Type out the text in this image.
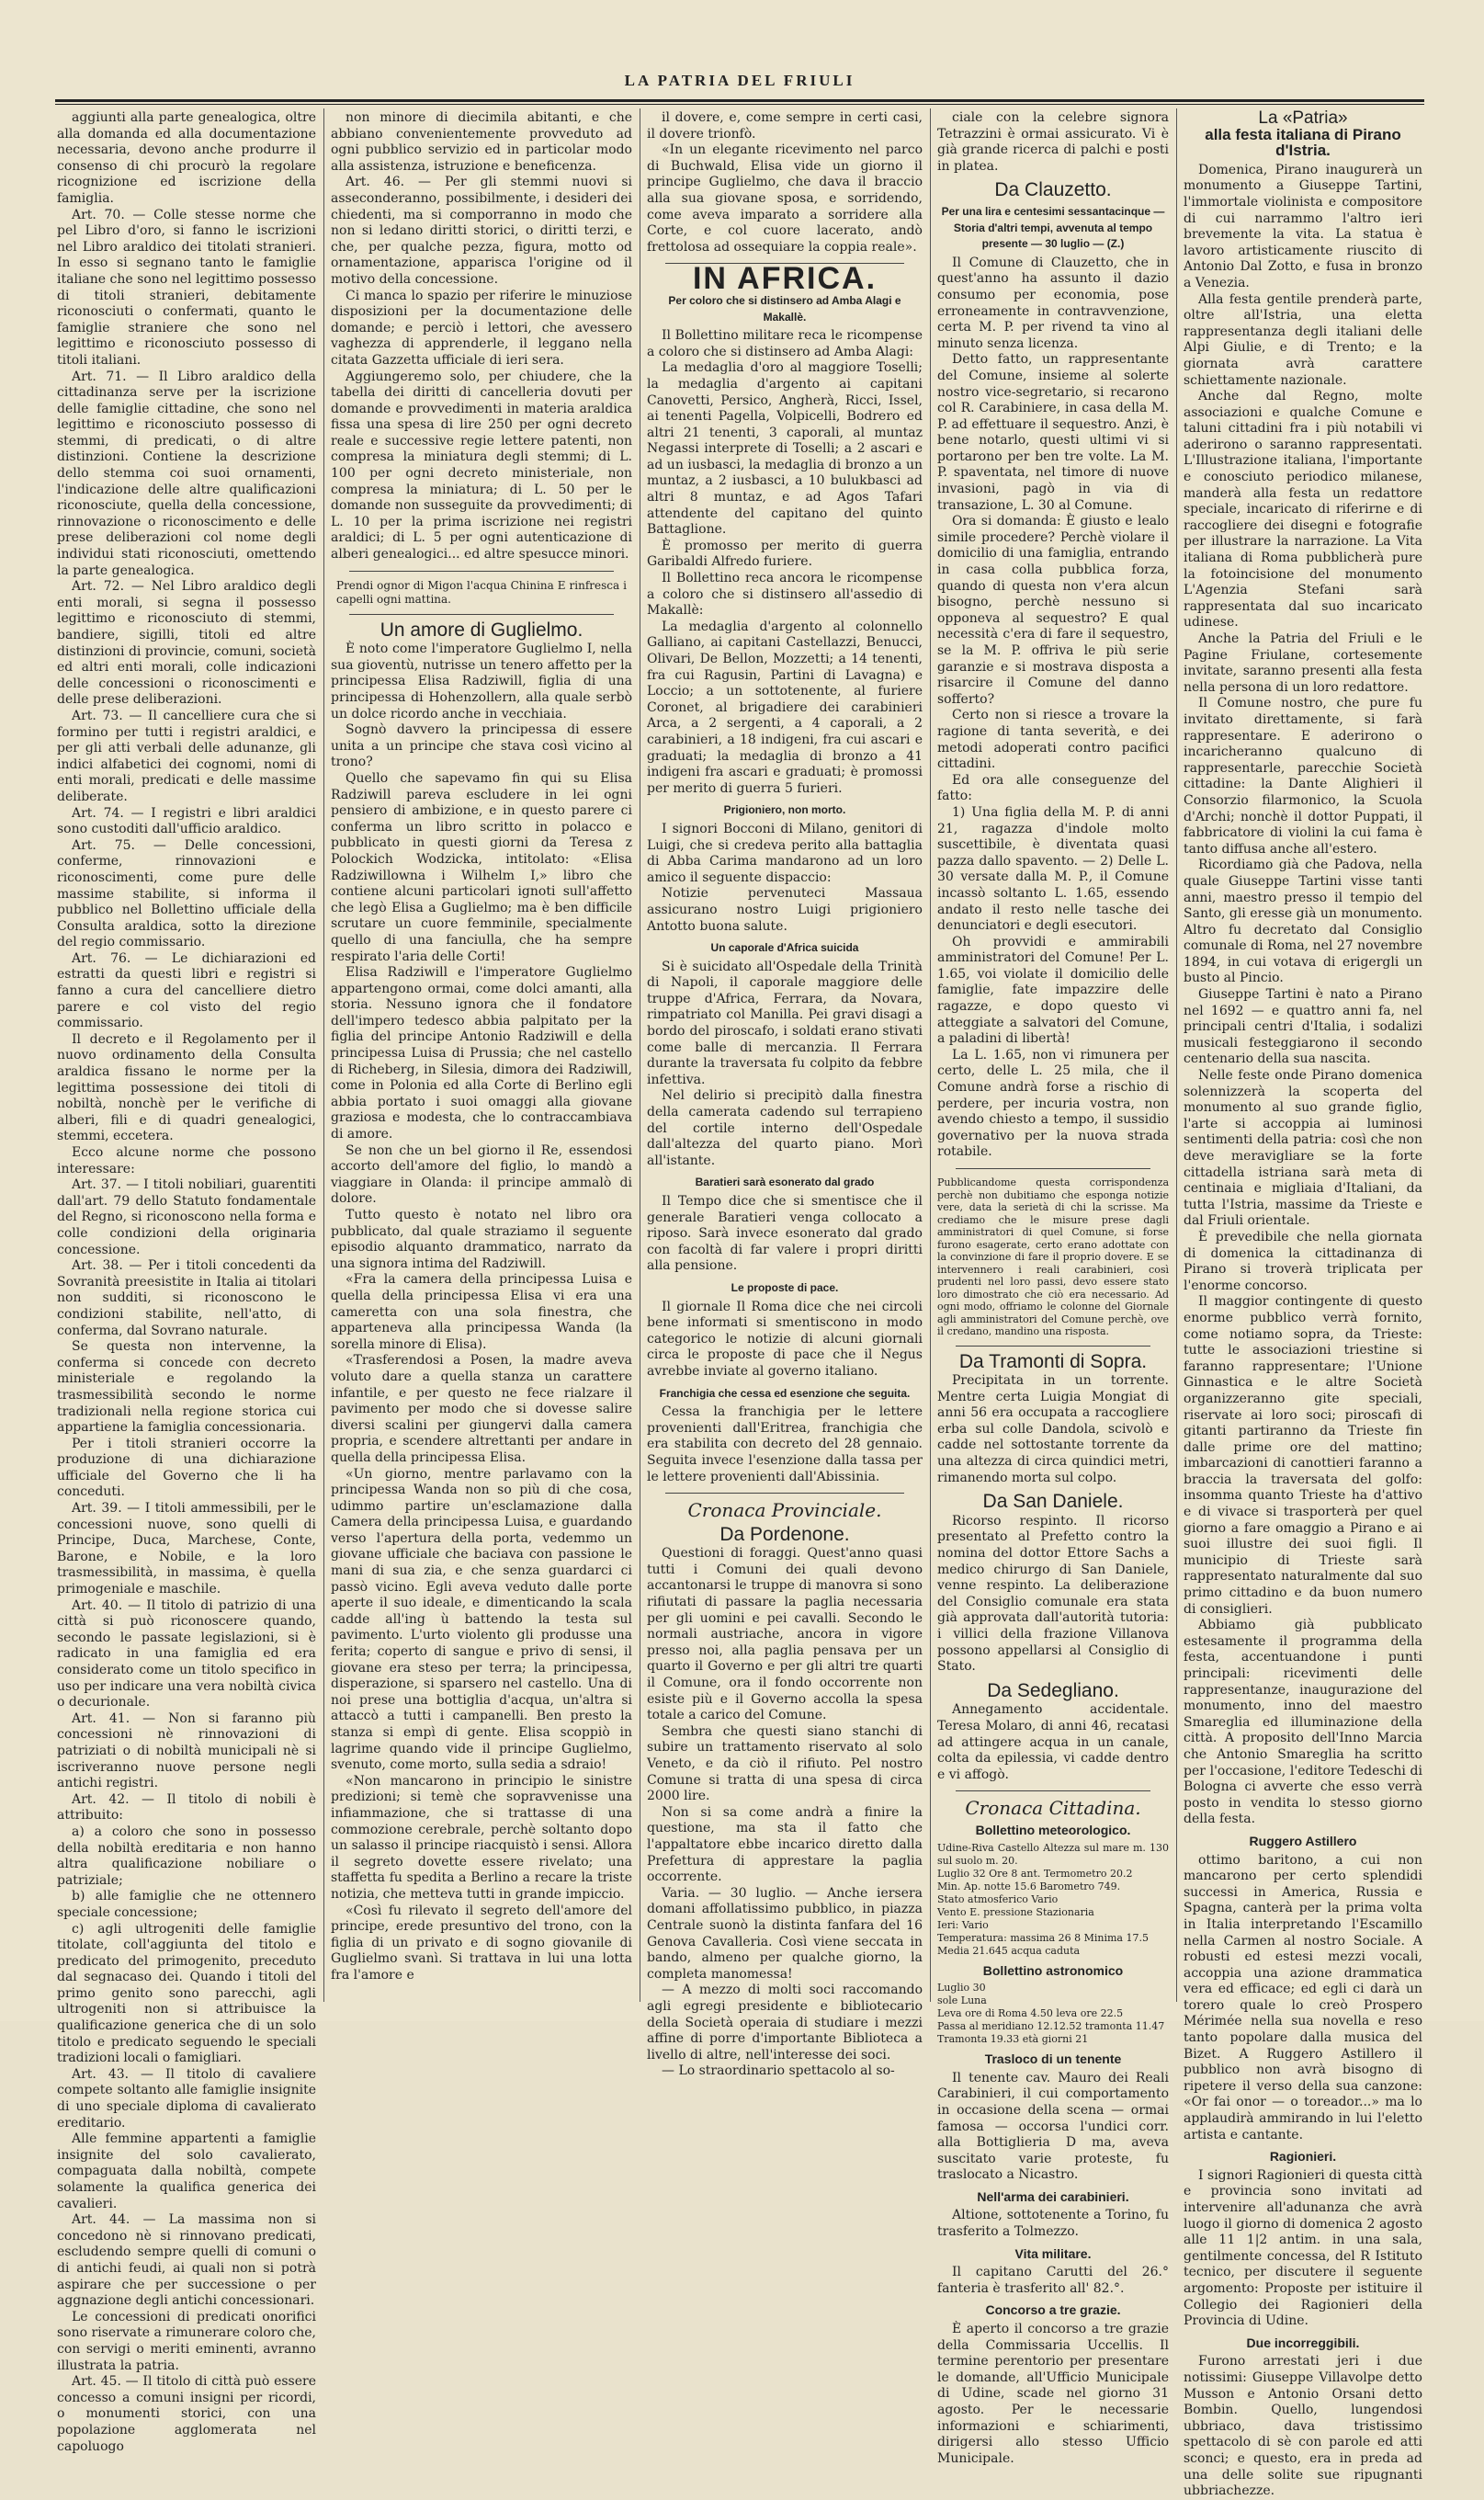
LA PATRIA DEL FRIULI

aggiunti alla parte genealogica, oltre alla domanda ed alla documentazione necessaria, devono anche produrre il consenso di chi procurò la regolare ricognizione ed iscrizione della famiglia.

Art. 70. — Colle stesse norme che pel Libro d'oro, si fanno le iscrizioni nel Libro araldico dei titolati stranieri. In esso si segnano tanto le famiglie italiane che sono nel legittimo possesso di titoli stranieri, debitamente riconosciuti o confermati, quanto le famiglie straniere che sono nel legittimo e riconosciuto possesso di titoli italiani.

Art. 71. — Il Libro araldico della cittadinanza serve per la iscrizione delle famiglie cittadine, che sono nel legittimo e riconosciuto possesso di stemmi, di predicati, o di altre distinzioni. Contiene la descrizione dello stemma coi suoi ornamenti, l'indicazione delle altre qualificazioni riconosciute, quella della concessione, rinnovazione o riconoscimento e delle prese deliberazioni col nome degli individui stati riconosciuti, omettendo la parte genealogica.

Art. 72. — Nel Libro araldico degli enti morali, si segna il possesso legittimo e riconosciuto di stemmi, bandiere, sigilli, titoli ed altre distinzioni di provincie, comuni, società ed altri enti morali, colle indicazioni delle concessioni o riconoscimenti e delle prese deliberazioni.

Art. 73. — Il cancelliere cura che si formino per tutti i registri araldici, e per gli atti verbali delle adunanze, gli indici alfabetici dei cognomi, nomi di enti morali, predicati e delle massime deliberate.

Art. 74. — I registri e libri araldici sono custoditi dall'ufficio araldico.

Art. 75. — Delle concessioni, conferme, rinnovazioni e riconoscimenti, come pure delle massime stabilite, si informa il pubblico nel Bollettino ufficiale della Consulta araldica, sotto la direzione del regio commissario.

Art. 76. — Le dichiarazioni ed estratti da questi libri e registri si fanno a cura del cancelliere dietro parere e col visto del regio commissario.

Il decreto e il Regolamento per il nuovo ordinamento della Consulta araldica fissano le norme per la legittima possessione dei titoli di nobiltà, nonchè per le verifiche di alberi, fili e di quadri genealogici, stemmi, eccetera.

Ecco alcune norme che possono interessare:

Art. 37. — I titoli nobiliari, guarentiti dall'art. 79 dello Statuto fondamentale del Regno, si riconoscono nella forma e colle condizioni della originaria concessione.

Art. 38. — Per i titoli concedenti da Sovranità preesistite in Italia ai titolari non sudditi, si riconoscono le condizioni stabilite, nell'atto, di conferma, dal Sovrano naturale.

Se questa non intervenne, la conferma si concede con decreto ministeriale e regolando la trasmessibilità secondo le norme tradizionali nella regione storica cui appartiene la famiglia concessionaria.

Per i titoli stranieri occorre la produzione di una dichiarazione ufficiale del Governo che li ha conceduti.

Art. 39. — I titoli ammessibili, per le concessioni nuove, sono quelli di Principe, Duca, Marchese, Conte, Barone, e Nobile, e la loro trasmessibilità, in massima, è quella primogeniale e maschile.

Art. 40. — Il titolo di patrizio di una città si può riconoscere quando, secondo le passate legislazioni, si è radicato in una famiglia ed era considerato come un titolo specifico in uso per indicare una vera nobiltà civica o decurionale.

Art. 41. — Non si faranno più concessioni nè rinnovazioni di patriziati o di nobiltà municipali nè si iscriveranno nuove persone negli antichi registri.

Art. 42. — Il titolo di nobili è attribuito:

a) a coloro che sono in possesso della nobiltà ereditaria e non hanno altra qualificazione nobiliare o patriziale;

b) alle famiglie che ne ottennero speciale concessione;

c) agli ultrogeniti delle famiglie titolate, coll'aggiunta del titolo e predicato del primogenito, preceduto dal segnacaso dei. Quando i titoli del primo genito sono parecchi, agli ultrogeniti non si attribuisce la qualificazione generica che di un solo titolo e predicato seguendo le speciali tradizioni locali o famigliari.

Art. 43. — Il titolo di cavaliere compete soltanto alle famiglie insignite di uno speciale diploma di cavalierato ereditario.

Alle femmine appartenti a famiglie insignite del solo cavalierato, compaguata dalla nobiltà, compete solamente la qualifica generica dei cavalieri.

Art. 44. — La massima non si concedono nè si rinnovano predicati, escludendo sempre quelli di comuni o di antichi feudi, ai quali non si potrà aspirare che per successione o per aggnazione degli antichi concessionari.

Le concessioni di predicati onorifici sono riservate a rimunerare coloro che, con servigi o meriti eminenti, avranno illustrata la patria.

Art. 45. — Il titolo di città può essere concesso a comuni insigni per ricordi, o monumenti storici, con una popolazione agglomerata nel capoluogo

non minore di diecimila abitanti, e che abbiano convenientemente provveduto ad ogni pubblico servizio ed in particolar modo alla assistenza, istruzione e beneficenza.

Art. 46. — Per gli stemmi nuovi si asseconderanno, possibilmente, i desideri dei chiedenti, ma si comporranno in modo che non si ledano diritti storici, o diritti terzi, e che, per qualche pezza, figura, motto od ornamentazione, apparisca l'origine od il motivo della concessione.

Ci manca lo spazio per riferire le minuziose disposizioni per la documentazione delle domande; e perciò i lettori, che avessero vaghezza di apprenderle, il leggano nella citata Gazzetta ufficiale di ieri sera.

Aggiungeremo solo, per chiudere, che la tabella dei diritti di cancelleria dovuti per domande e provvedimenti in materia araldica fissa una spesa di lire 250 per ogni decreto reale e successive regie lettere patenti, non compresa la miniatura degli stemmi; di L. 100 per ogni decreto ministeriale, non compresa la miniatura; di L. 50 per le domande non susseguite da provvedimenti; di L. 10 per la prima iscrizione nei registri araldici; di L. 5 per ogni autenticazione di alberi genealogici... ed altre spesucce minori.

Prendi ognor di Migon l'acqua Chinina E rinfresca i capelli ogni mattina.
Un amore di Guglielmo.

È noto come l'imperatore Guglielmo I, nella sua gioventù, nutrisse un tenero affetto per la principessa Elisa Radziwill, figlia di una principessa di Hohenzollern, alla quale serbò un dolce ricordo anche in vecchiaia.

Sognò davvero la principessa di essere unita a un principe che stava così vicino al trono?

Quello che sapevamo fin qui su Elisa Radziwill pareva escludere in lei ogni pensiero di ambizione, e in questo parere ci conferma un libro scritto in polacco e pubblicato in questi giorni da Teresa z Polockich Wodzicka, intitolato: «Elisa Radziwillowna i Wilhelm I,» libro che contiene alcuni particolari ignoti sull'affetto che legò Elisa a Guglielmo; ma è ben difficile scrutare un cuore femminile, specialmente quello di una fanciulla, che ha sempre respirato l'aria delle Corti!

Elisa Radziwill e l'imperatore Guglielmo appartengono ormai, come dolci amanti, alla storia. Nessuno ignora che il fondatore dell'impero tedesco abbia palpitato per la figlia del principe Antonio Radziwill e della principessa Luisa di Prussia; che nel castello di Richeberg, in Silesia, dimora dei Radziwill, come in Polonia ed alla Corte di Berlino egli abbia portato i suoi omaggi alla giovane graziosa e modesta, che lo contraccambiava di amore.

Se non che un bel giorno il Re, essendosi accorto dell'amore del figlio, lo mandò a viaggiare in Olanda: il principe ammalò di dolore.

Tutto questo è notato nel libro ora pubblicato, dal quale straziamo il seguente episodio alquanto drammatico, narrato da una signora intima del Radziwill.

«Fra la camera della principessa Luisa e quella della principessa Elisa vi era una cameretta con una sola finestra, che apparteneva alla principessa Wanda (la sorella minore di Elisa).

«Trasferendosi a Posen, la madre aveva voluto dare a quella stanza un carattere infantile, e per questo ne fece rialzare il pavimento per modo che si dovesse salire diversi scalini per giungervi dalla camera propria, e scendere altrettanti per andare in quella della principessa Elisa.

«Un giorno, mentre parlavamo con la principessa Wanda non so più di che cosa, udimmo partire un'esclamazione dalla Camera della principessa Luisa, e guardando verso l'apertura della porta, vedemmo un giovane ufficiale che baciava con passione le mani di sua zia, e che senza guardarci ci passò vicino. Egli aveva veduto dalle porte aperte il suo ideale, e dimenticando la scala cadde all'ing ù battendo la testa sul pavimento. L'urto violento gli produsse una ferita; coperto di sangue e privo di sensi, il giovane era steso per terra; la principessa, disperazione, si sparsero nel castello. Una di noi prese una bottiglia d'acqua, un'altra si attaccò a tutti i campanelli. Ben presto la stanza si empì di gente. Elisa scoppiò in lagrime quando vide il principe Guglielmo, svenuto, come morto, sulla sedia a sdraio!

«Non mancarono in principio le sinistre predizioni; si temè che sopravvenisse una infiammazione, che si trattasse di una commozione cerebrale, perchè soltanto dopo un salasso il principe riacquistò i sensi. Allora il segreto dovette essere rivelato; una staffetta fu spedita a Berlino a recare la triste notizia, che metteva tutti in grande impiccio.

«Così fu rilevato il segreto dell'amore del principe, erede presuntivo del trono, con la figlia di un privato e di sogno giovanile di Guglielmo svanì. Si trattava in lui una lotta fra l'amore e

il dovere, e, come sempre in certi casi, il dovere trionfò.

«In un elegante ricevimento nel parco di Buchwald, Elisa vide un giorno il principe Guglielmo, che dava il braccio alla sua giovane sposa, e sorridendo, come aveva imparato a sorridere alla Corte, e col cuore lacerato, andò frettolosa ad ossequiare la coppia reale».

IN AFRICA.
Per coloro che si distinsero ad Amba Alagi e Makallè.

Il Bollettino militare reca le ricompense a coloro che si distinsero ad Amba Alagi:

La medaglia d'oro al maggiore Toselli; la medaglia d'argento ai capitani Canovetti, Persico, Angherà, Ricci, Issel, ai tenenti Pagella, Volpicelli, Bodrero ed altri 21 tenenti, 3 caporali, al muntaz Negassi interprete di Toselli; a 2 ascari e ad un iusbasci, la medaglia di bronzo a un muntaz, a 2 iusbasci, a 10 bulukbasci ad altri 8 muntaz, e ad Agos Tafari attendente del capitano del quinto Battaglione.

È promosso per merito di guerra Garibaldi Alfredo furiere.

Il Bollettino reca ancora le ricompense a coloro che si distinsero all'assedio di Makallè:

La medaglia d'argento al colonnello Galliano, ai capitani Castellazzi, Benucci, Olivari, De Bellon, Mozzetti; a 14 tenenti, fra cui Ragusin, Partini di Lavagna) e Loccio; a un sottotenente, al furiere Coronet, al brigadiere dei carabinieri Arca, a 2 sergenti, a 4 caporali, a 2 carabinieri, a 18 indigeni, fra cui ascari e graduati; la medaglia di bronzo a 41 indigeni fra ascari e graduati; è promossi per merito di guerra 5 furieri.

Prigioniero, non morto.

I signori Bocconi di Milano, genitori di Luigi, che si credeva perito alla battaglia di Abba Carima mandarono ad un loro amico il seguente dispaccio:

Notizie pervenuteci Massaua assicurano nostro Luigi prigioniero Antotto buona salute.

Un caporale d'Africa suicida

Si è suicidato all'Ospedale della Trinità di Napoli, il caporale maggiore delle truppe d'Africa, Ferrara, da Novara, rimpatriato col Manilla. Pei gravi disagi a bordo del piroscafo, i soldati erano stivati come balle di mercanzia. Il Ferrara durante la traversata fu colpito da febbre infettiva.

Nel delirio si precipitò dalla finestra della camerata cadendo sul terrapieno del cortile interno dell'Ospedale dall'altezza del quarto piano. Morì all'istante.

Baratieri sarà esonerato dal grado

Il Tempo dice che si smentisce che il generale Baratieri venga collocato a riposo. Sarà invece esonerato dal grado con facoltà di far valere i propri diritti alla pensione.

Le proposte di pace.

Il giornale Il Roma dice che nei circoli bene informati si smentiscono in modo categorico le notizie di alcuni giornali circa le proposte di pace che il Negus avrebbe inviate al governo italiano.

Franchigia che cessa ed esenzione che seguita.

Cessa la franchigia per le lettere provenienti dall'Eritrea, franchigia che era stabilita con decreto del 28 gennaio. Seguita invece l'esenzione dalla tassa per le lettere provenienti dall'Abissinia.

Cronaca Provinciale.
Da Pordenone.

Questioni di foraggi. Quest'anno quasi tutti i Comuni dei quali devono accantonarsi le truppe di manovra si sono rifiutati di passare la paglia necessaria per gli uomini e pei cavalli. Secondo le normali austriache, ancora in vigore presso noi, alla paglia pensava per un quarto il Governo e per gli altri tre quarti il Comune, ora il fondo occorrente non esiste più e il Governo accolla la spesa totale a carico del Comune.

Sembra che questi siano stanchi di subire un trattamento riservato al solo Veneto, e da ciò il rifiuto. Pel nostro Comune si tratta di una spesa di circa 2000 lire.

Non si sa come andrà a finire la questione, ma sta il fatto che l'appaltatore ebbe incarico diretto dalla Prefettura di apprestare la paglia occorrente.

Varia. — 30 luglio. — Anche iersera domani affollatissimo pubblico, in piazza Centrale suonò la distinta fanfara del 16 Genova Cavalleria. Così viene seccata in bando, almeno per qualche giorno, la completa manomessa!

— A mezzo di molti soci raccomando agli egregi presidente e bibliotecario della Società operaia di studiare i mezzi affine di porre d'importante Biblioteca a livello di altre, nell'interesse dei soci.

— Lo straordinario spettacolo al so-

ciale con la celebre signora Tetrazzini è ormai assicurato. Vi è già grande ricerca di palchi e posti in platea.

Da Clauzetto.
Per una lira e centesimi sessantacinque — Storia d'altri tempi, avvenuta al tempo presente — 30 luglio — (Z.)

Il Comune di Clauzetto, che in quest'anno ha assunto il dazio consumo per economia, pose erroneamente in contravvenzione, certa M. P. per rivend ta vino al minuto senza licenza.

Detto fatto, un rappresentante del Comune, insieme al solerte nostro vice-segretario, si recarono col R. Carabiniere, in casa della M. P. ad effettuare il sequestro. Anzi, è bene notarlo, questi ultimi vi si portarono per ben tre volte. La M. P. spaventata, nel timore di nuove invasioni, pagò in via di transazione, L. 30 al Comune.

Ora si domanda: È giusto e lealo simile procedere? Perchè violare il domicilio di una famiglia, entrando in casa colla pubblica forza, quando di questa non v'era alcun bisogno, perchè nessuno si opponeva al sequestro? E qual necessità c'era di fare il sequestro, se la M. P. offriva le più serie garanzie e si mostrava disposta a risarcire il Comune del danno sofferto?

Certo non si riesce a trovare la ragione di tanta severità, e dei metodi adoperati contro pacifici cittadini.

Ed ora alle conseguenze del fatto:

1) Una figlia della M. P. di anni 21, ragazza d'indole molto suscettibile, è diventata quasi pazza dallo spavento. — 2) Delle L. 30 versate dalla M. P., il Comune incassò soltanto L. 1.65, essendo andato il resto nelle tasche dei denunciatori e degli esecutori.

Oh provvidi e ammirabili amministratori del Comune! Per L. 1.65, voi violate il domicilio delle famiglie, fate impazzire delle ragazze, e dopo questo vi atteggiate a salvatori del Comune, a paladini di libertà!

La L. 1.65, non vi rimunera per certo, delle L. 25 mila, che il Comune andrà forse a rischio di perdere, per incuria vostra, non avendo chiesto a tempo, il sussidio governativo per la nuova strada rotabile.

Pubblicandome questa corrispondenza perchè non dubitiamo che esponga notizie vere, data la serietà di chi la scrisse. Ma crediamo che le misure prese dagli amministratori di quel Comune, si forse furono esagerate, certo erano adottate con la convinzione di fare il proprio dovere. E se intervennero i reali carabinieri, così prudenti nel loro passi, devo essere stato loro dimostrato che ciò era necessario. Ad ogni modo, offriamo le colonne del Giornale agli amministratori del Comune perchè, ove il credano, mandino una risposta.
Da Tramonti di Sopra.

Precipitata in un torrente. Mentre certa Luigia Mongiat di anni 56 era occupata a raccogliere erba sul colle Dandola, scivolò e cadde nel sottostante torrente da una altezza di circa quindici metri, rimanendo morta sul colpo.

Da San Daniele.

Ricorso respinto. Il ricorso presentato al Prefetto contro la nomina del dottor Ettore Sachs a medico chirurgo di San Daniele, venne respinto. La deliberazione del Consiglio comunale era stata già approvata dall'autorità tutoria: i villici della frazione Villanova possono appellarsi al Consiglio di Stato.

Da Sedegliano.

Annegamento accidentale. Teresa Molaro, di anni 46, recatasi ad attingere acqua in un canale, colta da epilessia, vi cadde dentro e vi affogò.

Cronaca Cittadina.
Bollettino meteorologico.
Udine-Riva Castello Altezza sul mare m. 130 sul suolo m. 20.
Luglio 32 Ore 8 ant. Termometro 20.2
Min. Ap. notte 15.6 Barometro 749.
Stato atmosferico Vario
Vento E. pressione Stazionaria
Ieri: Vario
Temperatura: massima 26 8 Minima 17.5
Media 21.645 acqua caduta
Bollettino astronomico
Luglio 30
sole Luna
Leva ore di Roma 4.50 leva ore 22.5
Passa al meridiano 12.12.52 tramonta 11.47
Tramonta 19.33 età giorni 21
Trasloco di un tenente

Il tenente cav. Mauro dei Reali Carabinieri, il cui comportamento in occasione della scena — ormai famosa — occorsa l'undici corr. alla Bottiglieria D ma, aveva suscitato varie proteste, fu traslocato a Nicastro.

Nell'arma dei carabinieri.

Altione, sottotenente a Torino, fu trasferito a Tolmezzo.

Vita militare.

Il capitano Carutti del 26.° fanteria è trasferito all' 82.°.

Concorso a tre grazie.

È aperto il concorso a tre grazie della Commissaria Uccellis. Il termine perentorio per presentare le domande, all'Ufficio Municipale di Udine, scade nel giorno 31 agosto. Per le necessarie informazioni e schiarimenti, dirigersi allo stesso Ufficio Municipale.

La «Patria»
alla festa italiana di Pirano d'Istria.

Domenica, Pirano inaugurerà un monumento a Giuseppe Tartini, l'immortale violinista e compositore di cui narrammo l'altro ieri brevemente la vita. La statua è lavoro artisticamente riuscito di Antonio Dal Zotto, e fusa in bronzo a Venezia.

Alla festa gentile prenderà parte, oltre all'Istria, una eletta rappresentanza degli italiani delle Alpi Giulie, e di Trento; e la giornata avrà carattere schiettamente nazionale.

Anche dal Regno, molte associazioni e qualche Comune e taluni cittadini fra i più notabili vi aderirono o saranno rappresentati. L'Illustrazione italiana, l'importante e conosciuto periodico milanese, manderà alla festa un redattore speciale, incaricato di riferirne e di raccogliere dei disegni e fotografie per illustrare la narrazione. La Vita italiana di Roma pubblicherà pure la fotoincisione del monumento L'Agenzia Stefani sarà rappresentata dal suo incaricato udinese.

Anche la Patria del Friuli e le Pagine Friulane, cortesemente invitate, saranno presenti alla festa nella persona di un loro redattore.

Il Comune nostro, che pure fu invitato direttamente, si farà rappresentare. E aderirono o incaricheranno qualcuno di rappresentarle, parecchie Società cittadine: la Dante Alighieri il Consorzio filarmonico, la Scuola d'Archi; nonchè il dottor Puppati, il fabbricatore di violini la cui fama è tanto diffusa anche all'estero.

Ricordiamo già che Padova, nella quale Giuseppe Tartini visse tanti anni, maestro presso il tempio del Santo, gli eresse già un monumento. Altro fu decretato dal Consiglio comunale di Roma, nel 27 novembre 1894, in cui votava di erigergli un busto al Pincio.

Giuseppe Tartini è nato a Pirano nel 1692 — e quattro anni fa, nel principali centri d'Italia, i sodalizi musicali festeggiarono il secondo centenario della sua nascita.

Nelle feste onde Pirano domenica solennizzerà la scoperta del monumento al suo grande figlio, l'arte si accoppia ai luminosi sentimenti della patria: così che non deve meravigliare se la forte cittadella istriana sarà meta di centinaia e migliaia d'Italiani, da tutta l'Istria, massime da Trieste e dal Friuli orientale.

È prevedibile che nella giornata di domenica la cittadinanza di Pirano si troverà triplicata per l'enorme concorso.

Il maggior contingente di questo enorme pubblico verrà fornito, come notiamo sopra, da Trieste: tutte le associazioni triestine si faranno rappresentare; l'Unione Ginnastica e le altre Società organizzeranno gite speciali, riservate ai loro soci; piroscafi di gitanti partiranno da Trieste fin dalle prime ore del mattino; imbarcazioni di canottieri faranno a braccia la traversata del golfo: insomma quanto Trieste ha d'attivo e di vivace si trasporterà per quel giorno a fare omaggio a Pirano e ai suoi illustre dei suoi figli. Il municipio di Trieste sarà rappresentato naturalmente dal suo primo cittadino e da buon numero di consiglieri.

Abbiamo già pubblicato estesamente il programma della festa, accentuandone i punti principali: ricevimenti delle rappresentanze, inaugurazione del monumento, inno del maestro Smareglia ed illuminazione della città. A proposito dell'Inno Marcia che Antonio Smareglia ha scritto per l'occasione, l'editore Tedeschi di Bologna ci avverte che esso verrà posto in vendita lo stesso giorno della festa.

Ruggero Astillero

ottimo baritono, a cui non mancarono per certo splendidi successi in America, Russia e Spagna, canterà per la prima volta in Italia interpretando l'Escamillo nella Carmen al nostro Sociale. A robusti ed estesi mezzi vocali, accoppia una azione drammatica vera ed efficace; ed egli ci darà un torero quale lo creò Prospero Mérimée nella sua novella e reso tanto popolare dalla musica del Bizet. A Ruggero Astillero il pubblico non avrà bisogno di ripetere il verso della sua canzone: «Or fai onor — o toreador...» ma lo applaudirà ammirando in lui l'eletto artista e cantante.

Ragionieri.

I signori Ragionieri di questa città e provincia sono invitati ad intervenire all'adunanza che avrà luogo il giorno di domenica 2 agosto alle 11 1|2 antim. in una sala, gentilmente concessa, del R Istituto tecnico, per discutere il seguente argomento: Proposte per istituire il Collegio dei Ragionieri della Provincia di Udine.

Due incorreggibili.

Furono arrestati jeri i due notissimi: Giuseppe Villavolpe detto Musson e Antonio Orsani detto Bombin. Quello, lungendosi ubbriaco, dava tristissimo spettacolo di sè con parole ed atti sconci; e questo, era in preda ad una delle solite sue ripugnanti ubbriachezze.
